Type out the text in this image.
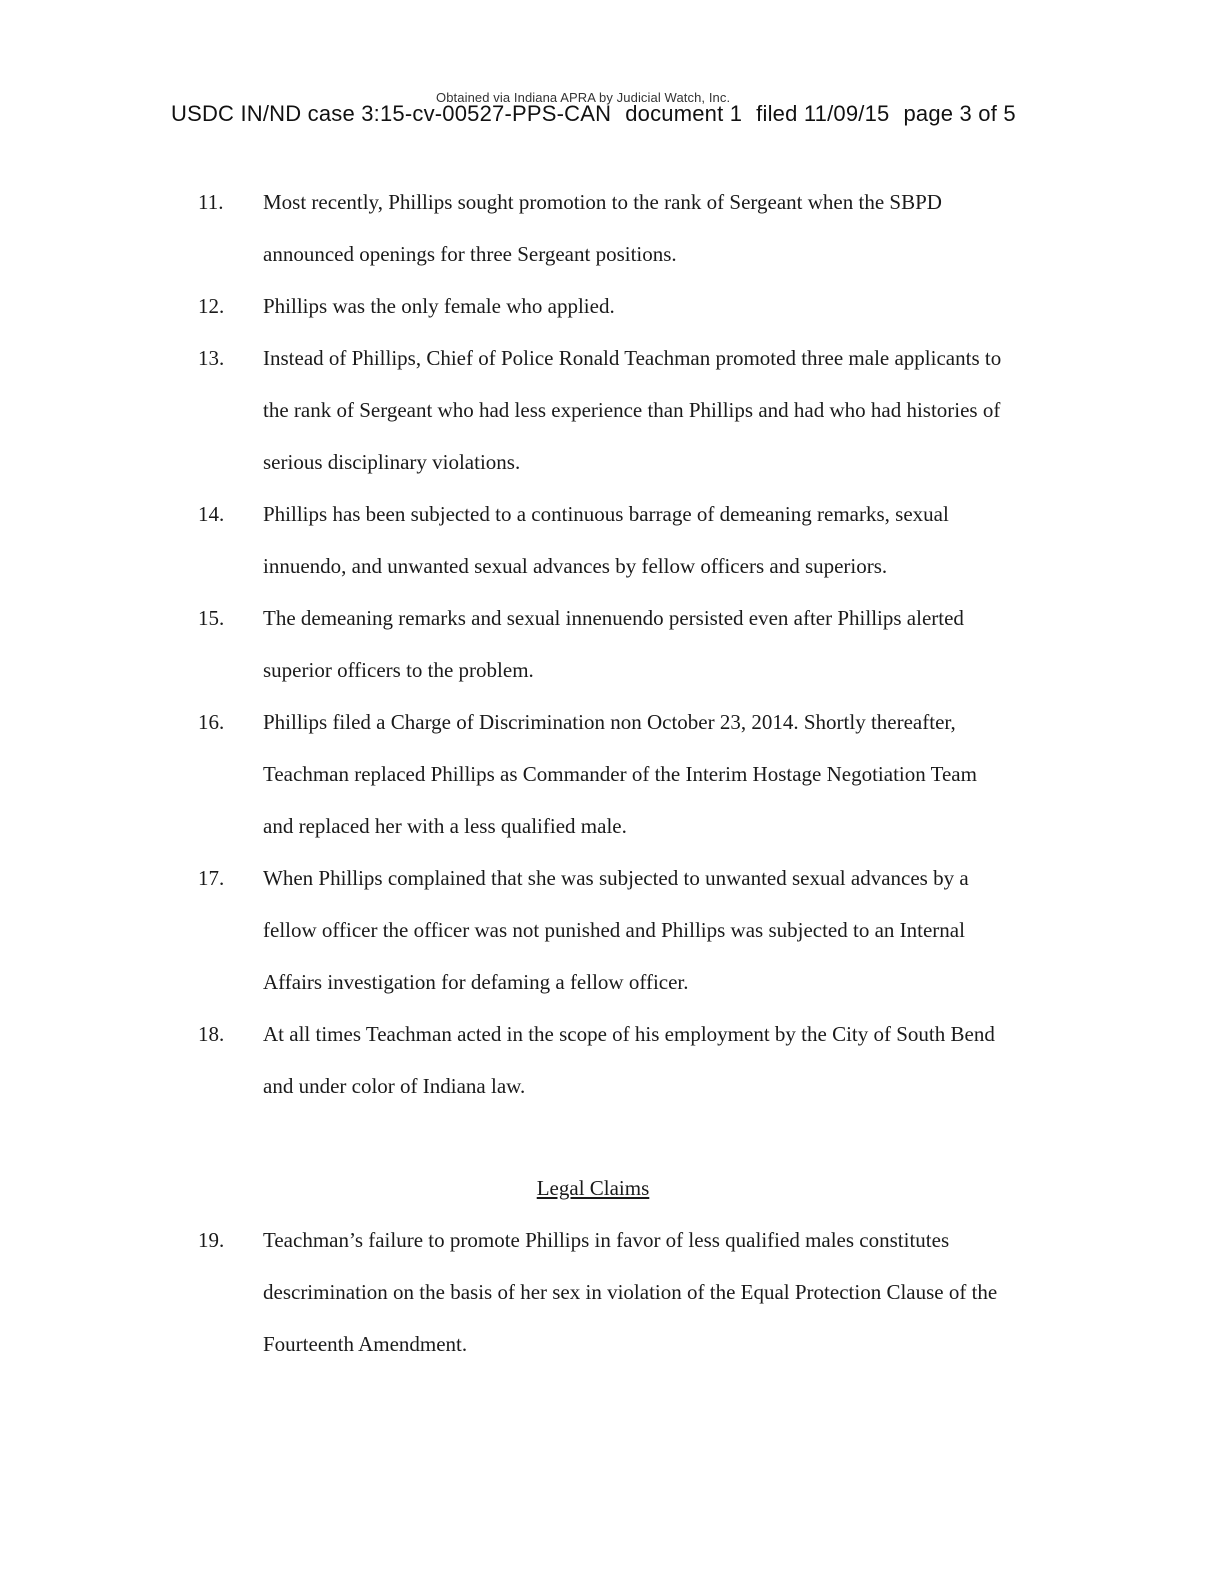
Obtained via Indiana APRA by Judicial Watch, Inc.
USDC IN/ND case 3:15-cv-00527-PPS-CAN document 1 filed 11/09/15 page 3 of 5
11.	Most recently, Phillips sought promotion to the rank of Sergeant when the SBPD announced openings for three Sergeant positions.
12.	Phillips was the only female who applied.
13.	Instead of Phillips, Chief of Police Ronald Teachman promoted three male applicants to the rank of Sergeant who had less experience than Phillips and had who had histories of serious disciplinary violations.
14.	Phillips has been subjected to a continuous barrage of demeaning remarks, sexual innuendo, and unwanted sexual advances by fellow officers and superiors.
15.	The demeaning remarks and sexual innenuendo persisted even after Phillips alerted superior officers to the problem.
16.	Phillips filed a Charge of Discrimination non October 23, 2014. Shortly thereafter, Teachman replaced Phillips as Commander of the Interim Hostage Negotiation Team and replaced her with a less qualified male.
17.	When Phillips complained that she was subjected to unwanted sexual advances by a fellow officer the officer was not punished and Phillips was subjected to an Internal Affairs investigation for defaming a fellow officer.
18.	At all times Teachman acted in the scope of his employment by the City of South Bend and under color of Indiana law.
Legal Claims
19.	Teachman’s failure to promote Phillips in favor of less qualified males constitutes descrimination on the basis of her sex in violation of the Equal Protection Clause of the Fourteenth Amendment.
